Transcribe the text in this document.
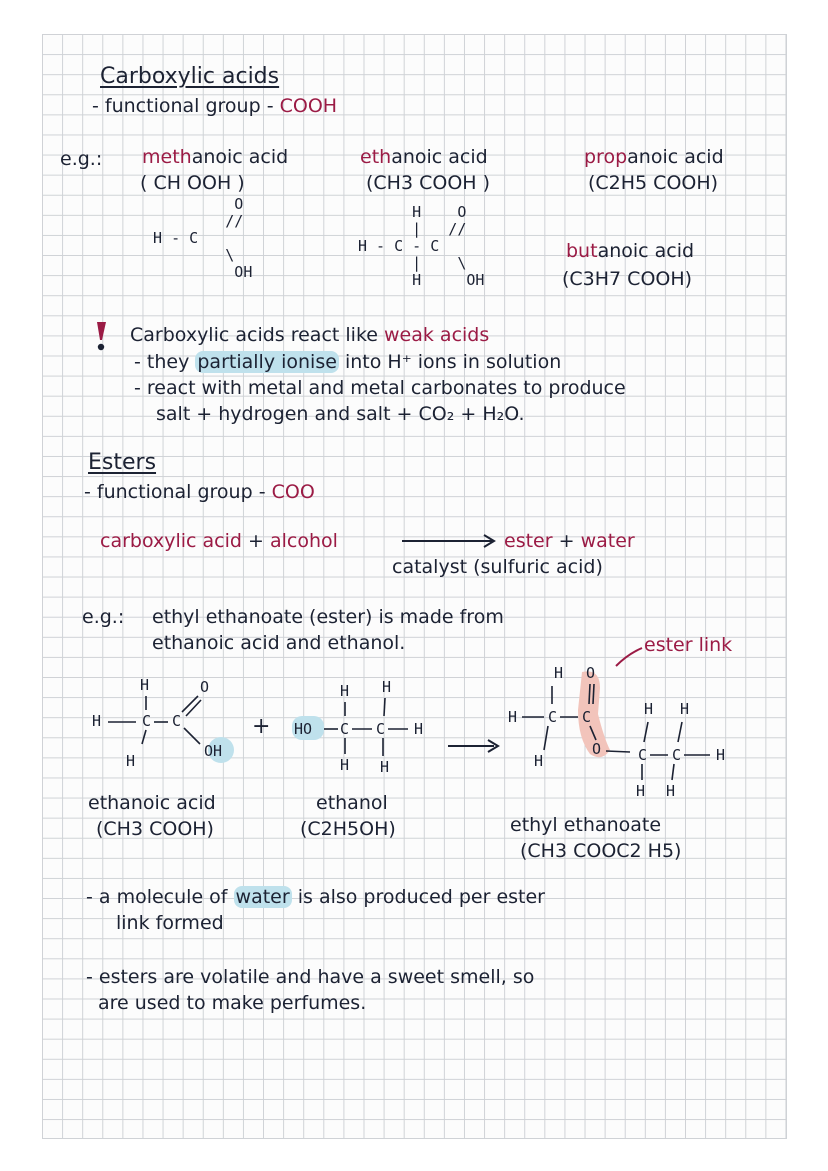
Carboxylic acids
- functional group - COOH
e.g.: methanoic acid
( CH OOH )
ethanoic acid
(CH3 COOH )
propanoic acid
(C2H5 COOH)
butanoic acid
(C3H7 COOH)
O
//
H - C
\
OH
H    O
|   //
H - C - C
|    \
H     OH
Carboxylic acids react like weak acids
- they partially ionise into H⁺ ions in solution
- react with metal and metal carbonates to produce
salt + hydrogen and salt + CO₂ + H₂O.
Esters
- functional group - COO
carboxylic acid + alcohol	ester + water
catalyst (sulfuric acid)
e.g.: ethyl ethanoate (ester) is made from
ethanoic acid and ethanol.	ester link
H
H	C C
H
O
OH
+ HO C C H
H H
H H
H O
H C C
H
O C C H
H H
H H
ethanoic acid
(CH3 COOH)
ethanol
(C2H5OH)	ethyl ethanoate
(CH3 COOC2 H5)
- a molecule of water is also produced per ester
link formed
- esters are volatile and have a sweet smell, so
are used to make perfumes.
